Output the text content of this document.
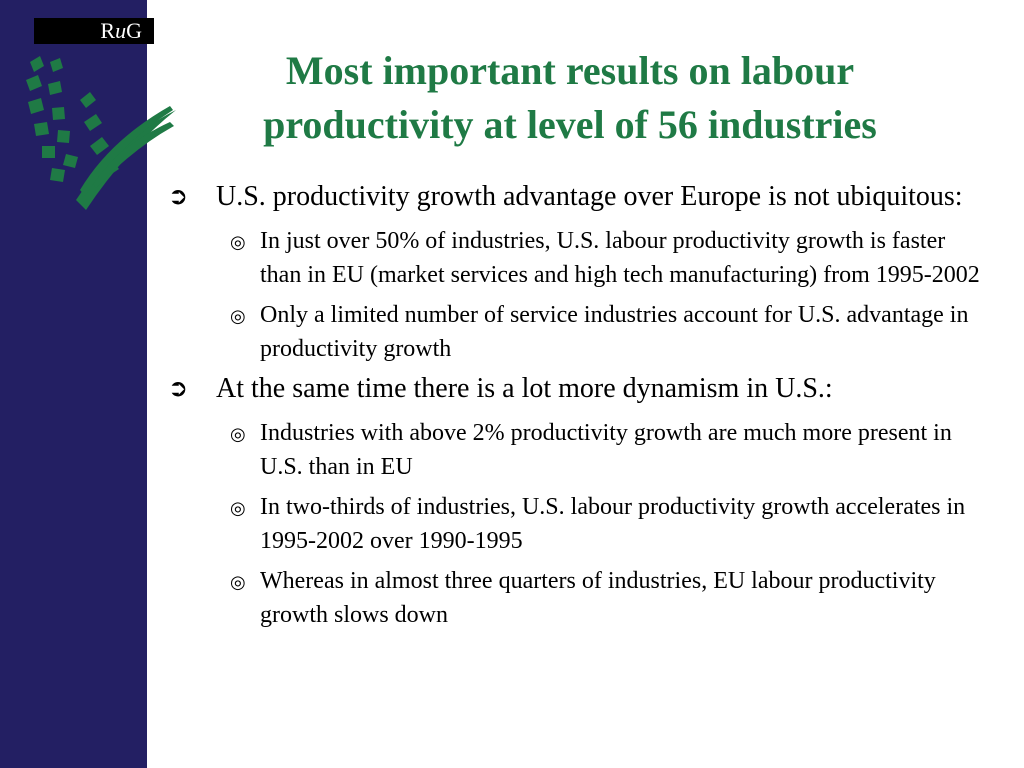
RuG
Most important results on labour productivity at level of 56 industries
➲ U.S. productivity growth advantage over Europe is not ubiquitous:
◎ In just over 50% of industries, U.S. labour productivity growth is faster than in EU (market services and high tech manufacturing) from 1995-2002
◎ Only a limited number of service industries account for U.S. advantage in productivity growth
➲ At the same time there is a lot more dynamism in U.S.:
◎ Industries with above 2% productivity growth are much more present in U.S. than in EU
◎ In two-thirds of industries, U.S. labour productivity growth accelerates in 1995-2002 over 1990-1995
◎ Whereas in almost three quarters of industries, EU labour productivity growth slows down
